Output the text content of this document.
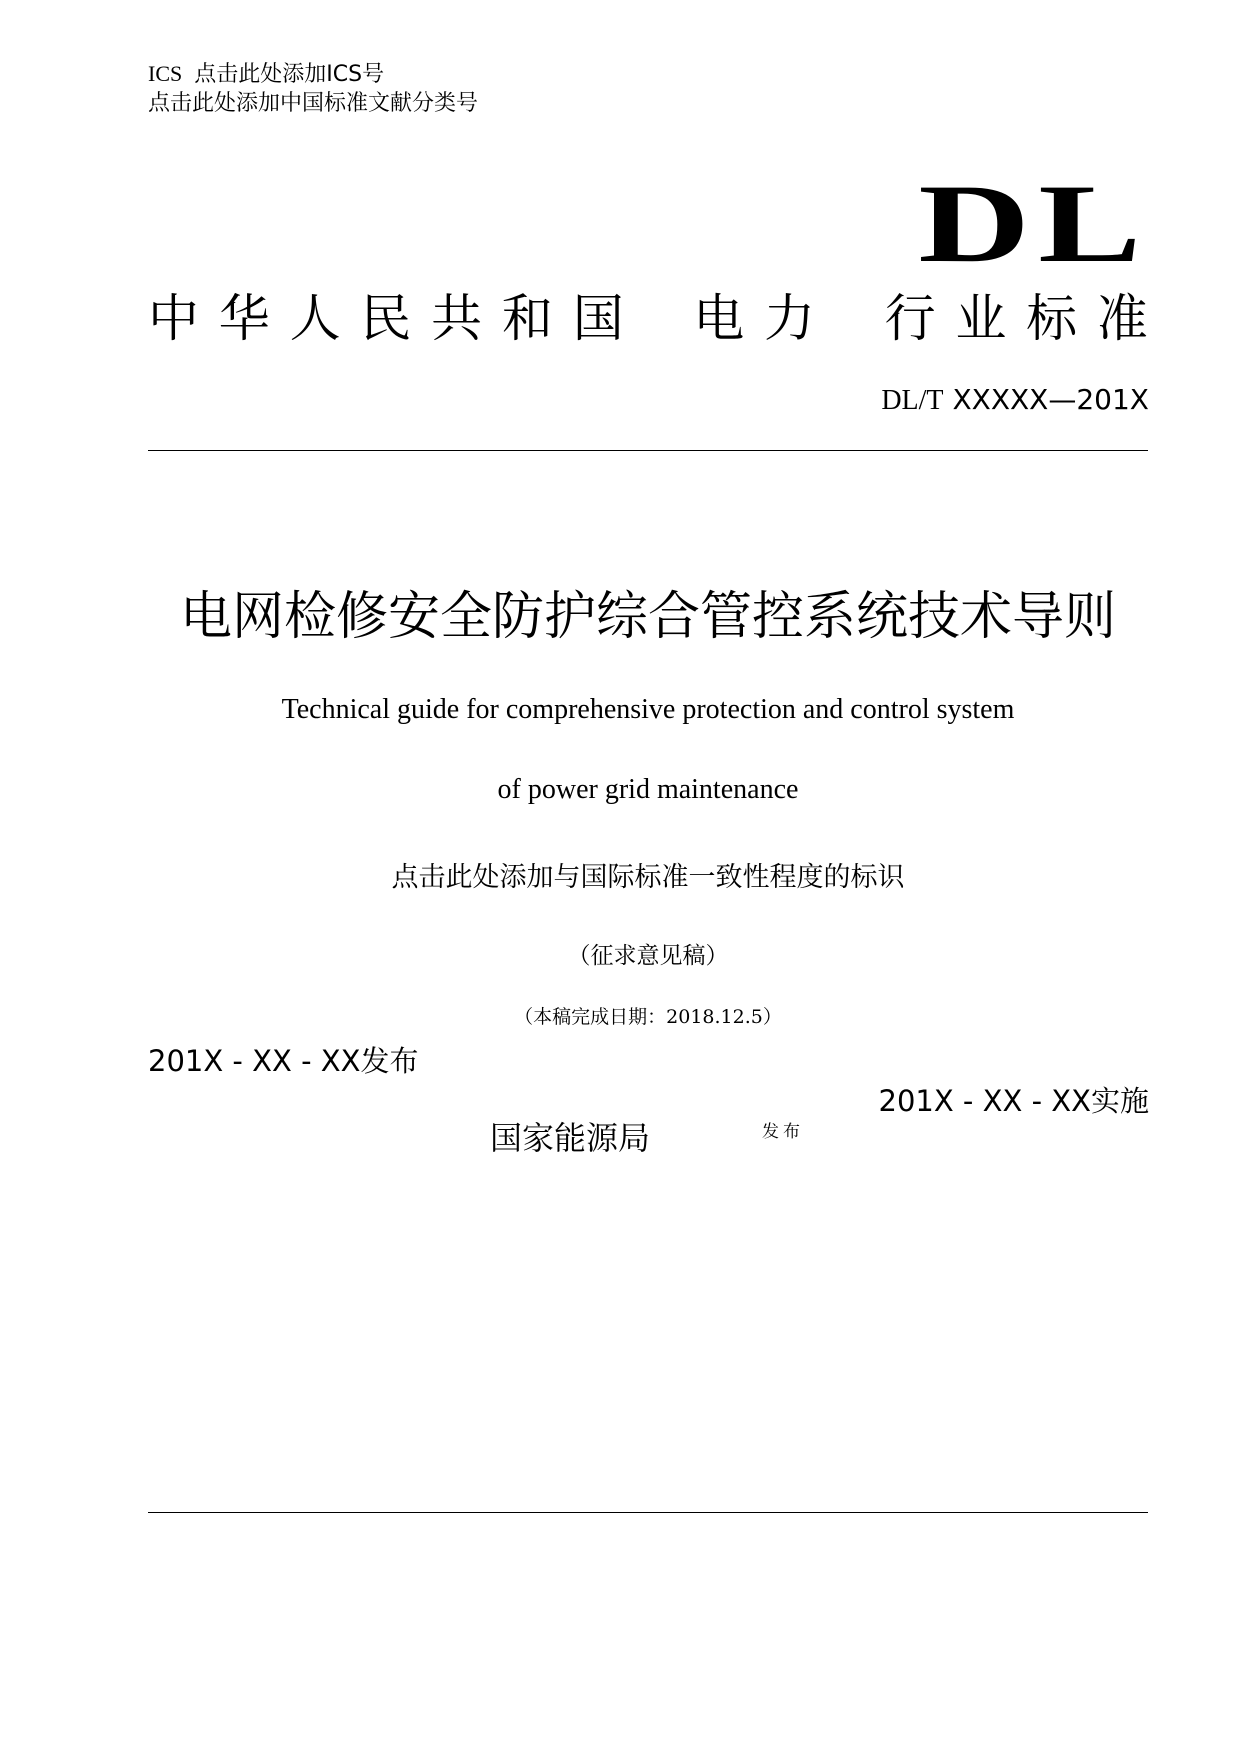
ICS 点击此处添加ICS号
点击此处添加中国标准文献分类号
DL
中 华 人 民 共 和 国 电 力 行 业 标 准
DL/T XXXXX—201X
电网检修安全防护综合管控系统技术导则
Technical guide for comprehensive protection and control system
of power grid maintenance
点击此处添加与国际标准一致性程度的标识
（征求意见稿）
（本稿完成日期：2018.12.5）
201X - XX - XX发布
201X - XX - XX实施
国家能源局	发布
